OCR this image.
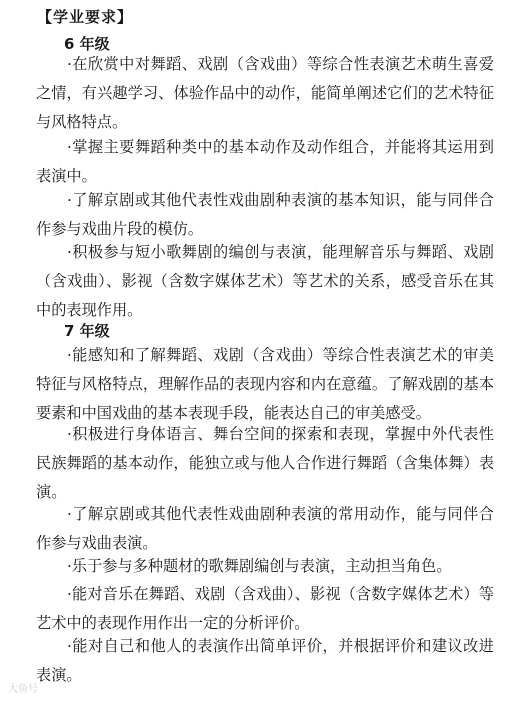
【学业要求】
6 年级
·在欣赏中对舞蹈、戏剧（含戏曲）等综合性表演艺术萌生喜爱之情，有兴趣学习、体验作品中的动作，能简单阐述它们的艺术特征与风格特点。
·掌握主要舞蹈种类中的基本动作及动作组合，并能将其运用到表演中。
·了解京剧或其他代表性戏曲剧种表演的基本知识，能与同伴合作参与戏曲片段的模仿。
·积极参与短小歌舞剧的编创与表演，能理解音乐与舞蹈、戏剧（含戏曲）、影视（含数字媒体艺术）等艺术的关系，感受音乐在其中的表现作用。
7 年级
·能感知和了解舞蹈、戏剧（含戏曲）等综合性表演艺术的审美特征与风格特点，理解作品的表现内容和内在意蕴。了解戏剧的基本要素和中国戏曲的基本表现手段，能表达自己的审美感受。
·积极进行身体语言、舞台空间的探索和表现，掌握中外代表性民族舞蹈的基本动作，能独立或与他人合作进行舞蹈（含集体舞）表演。
·了解京剧或其他代表性戏曲剧种表演的常用动作，能与同伴合作参与戏曲表演。
·乐于参与多种题材的歌舞剧编创与表演，主动担当角色。
·能对音乐在舞蹈、戏剧（含戏曲）、影视（含数字媒体艺术）等艺术中的表现作用作出一定的分析评价。
·能对自己和他人的表演作出简单评价，并根据评价和建议改进表演。
大鱼号
